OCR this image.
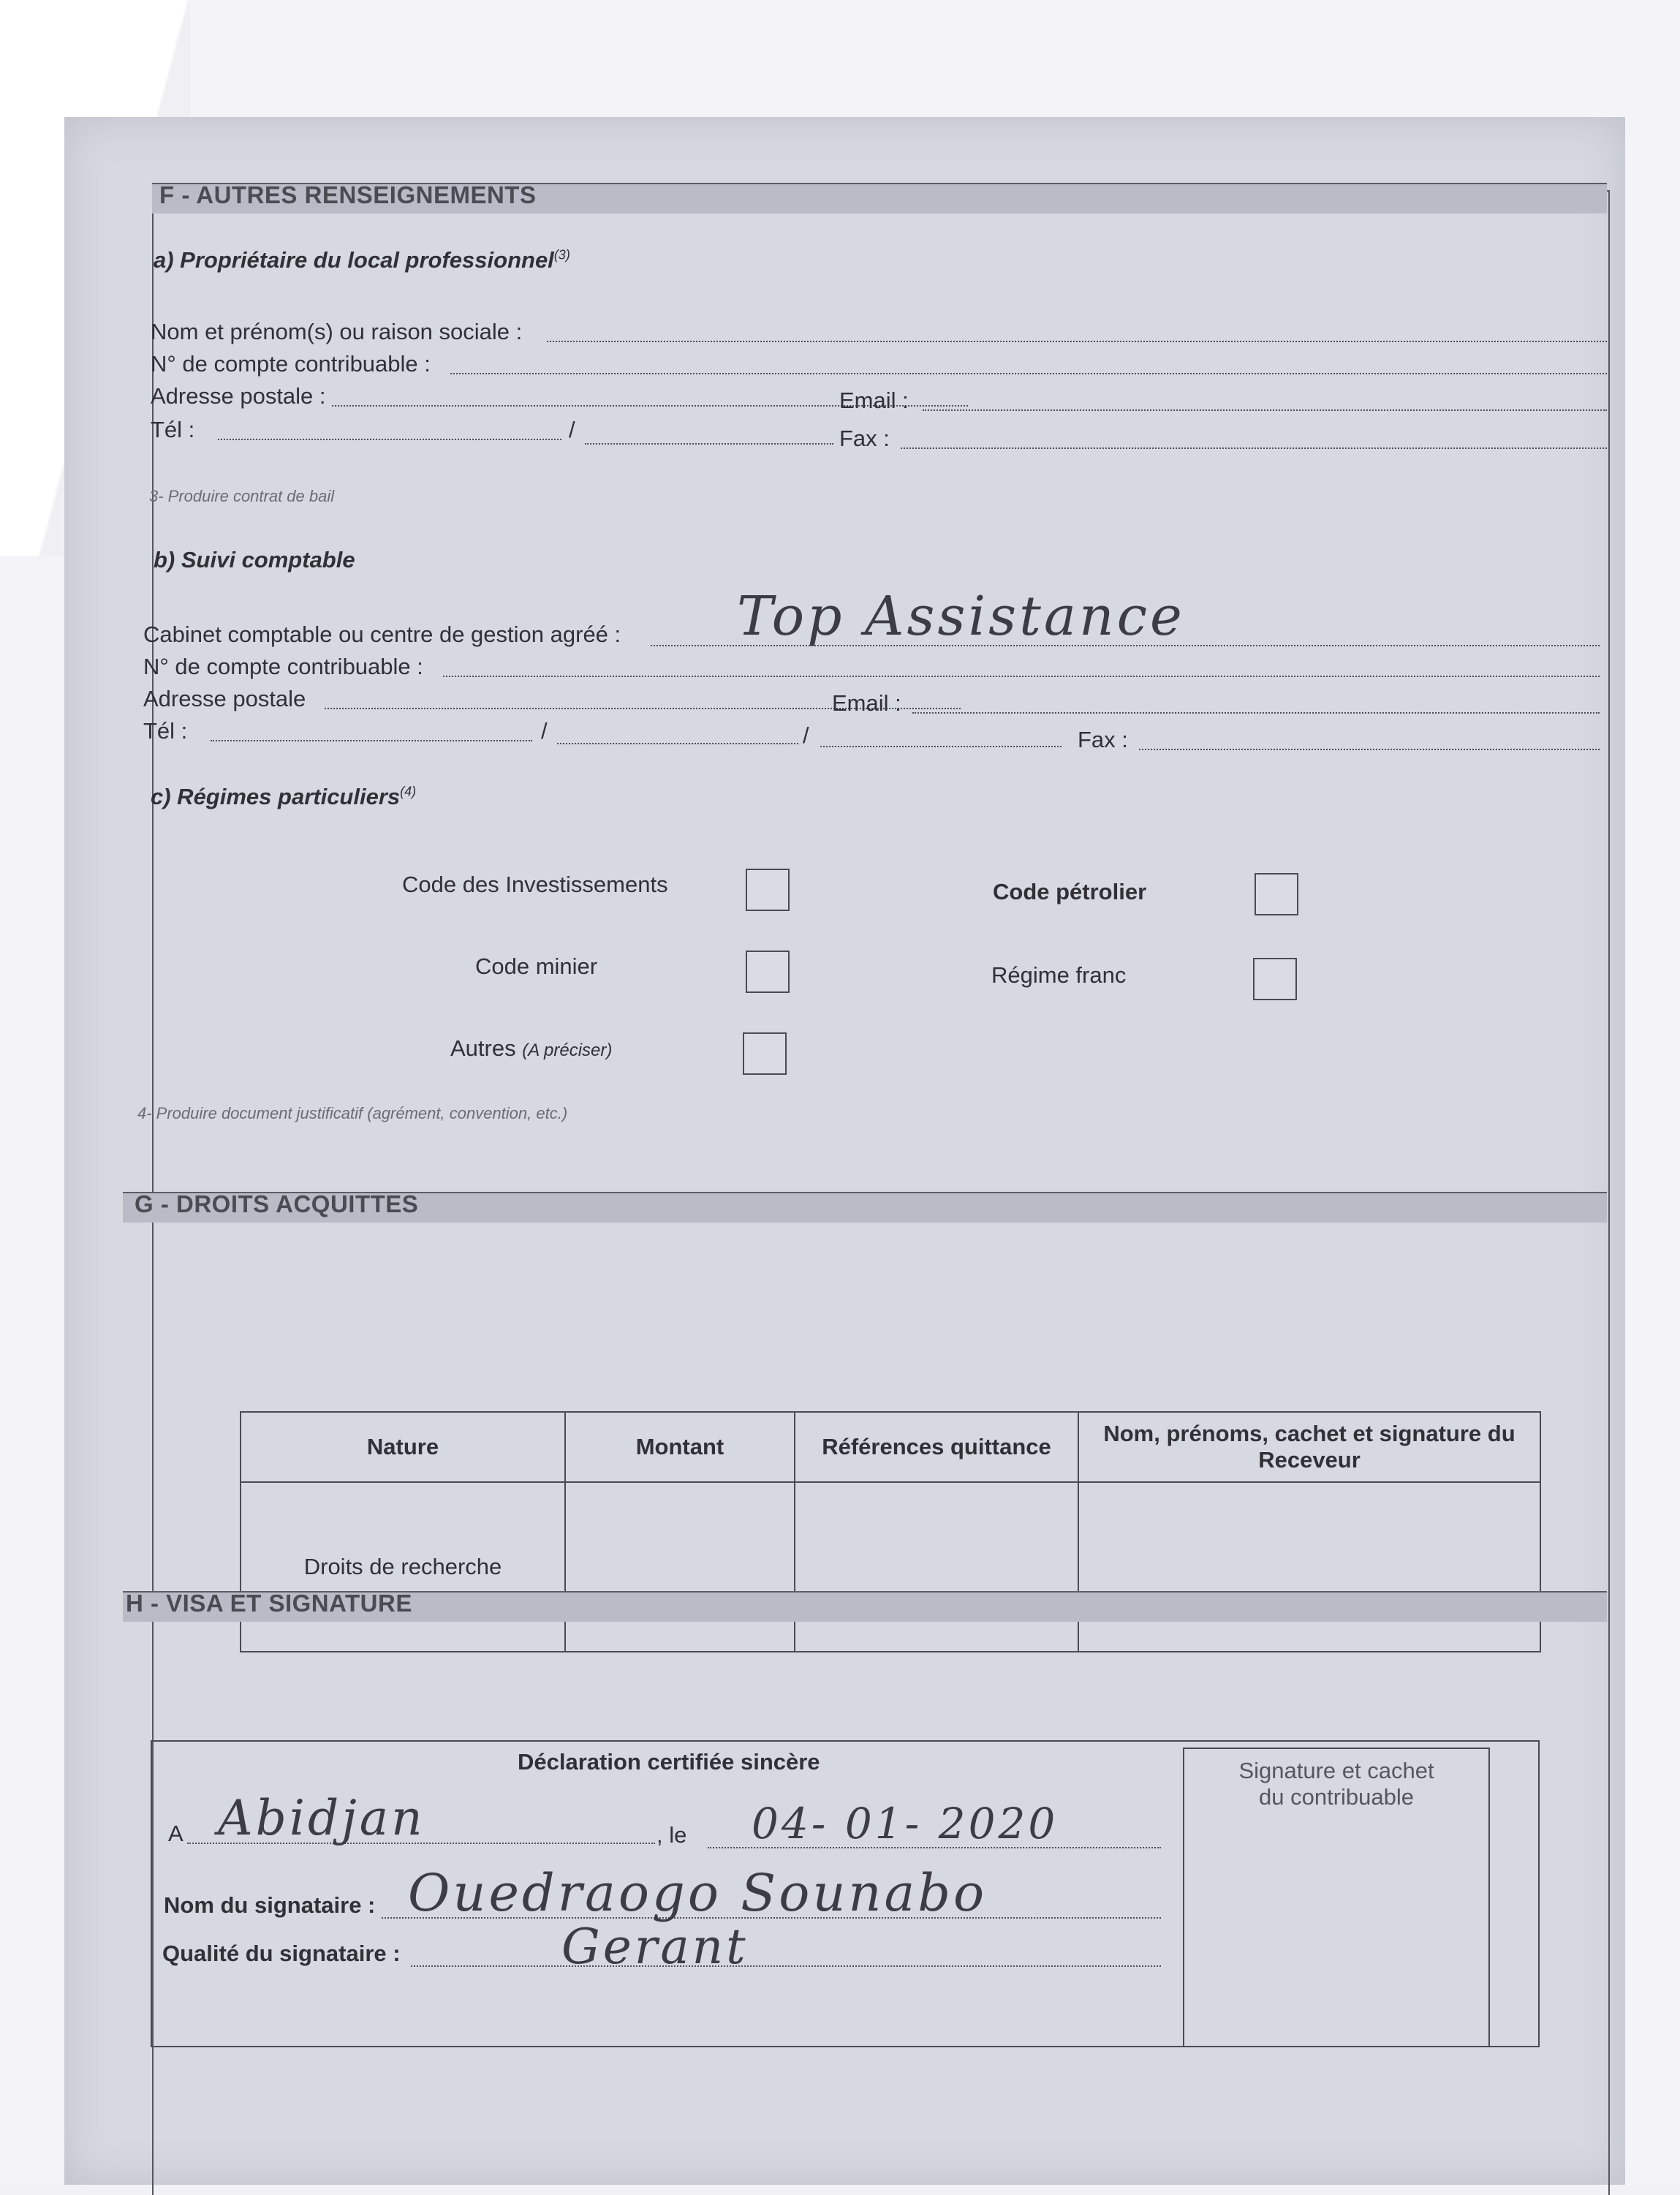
F - AUTRES RENSEIGNEMENTS
a) Propriétaire du local professionnel$^{(3)}$
Nom et prénom(s) ou raison sociale :
N° de compte contribuable :
Adresse postale :	Email :
Tél :	/	Fax :
3- Produire contrat de bail
b) Suivi comptable
Cabinet comptable ou centre de gestion agréé : Top Assistance
N° de compte contribuable :
Adresse postale	Email :
Tél :	/	/	Fax :
c) Régimes particuliers$^{(4)}$
Code des Investissements	Code pétrolier
Code minier	Régime franc
Autres (A préciser)
4- Produire document justificatif (agrément, convention, etc.)
G - DROITS ACQUITTES
Nature	Montant	Références quittance	Nom, prénoms, cachet et signature du Receveur
Droits de recherche			
H - VISA ET SIGNATURE
Déclaration certifiée sincère	Signature et cachet du contribuable
A Abidjan	, le 04- 01- 2020
Nom du signataire : Ouedraogo Sounabo
Qualité du signataire :	Gerant
